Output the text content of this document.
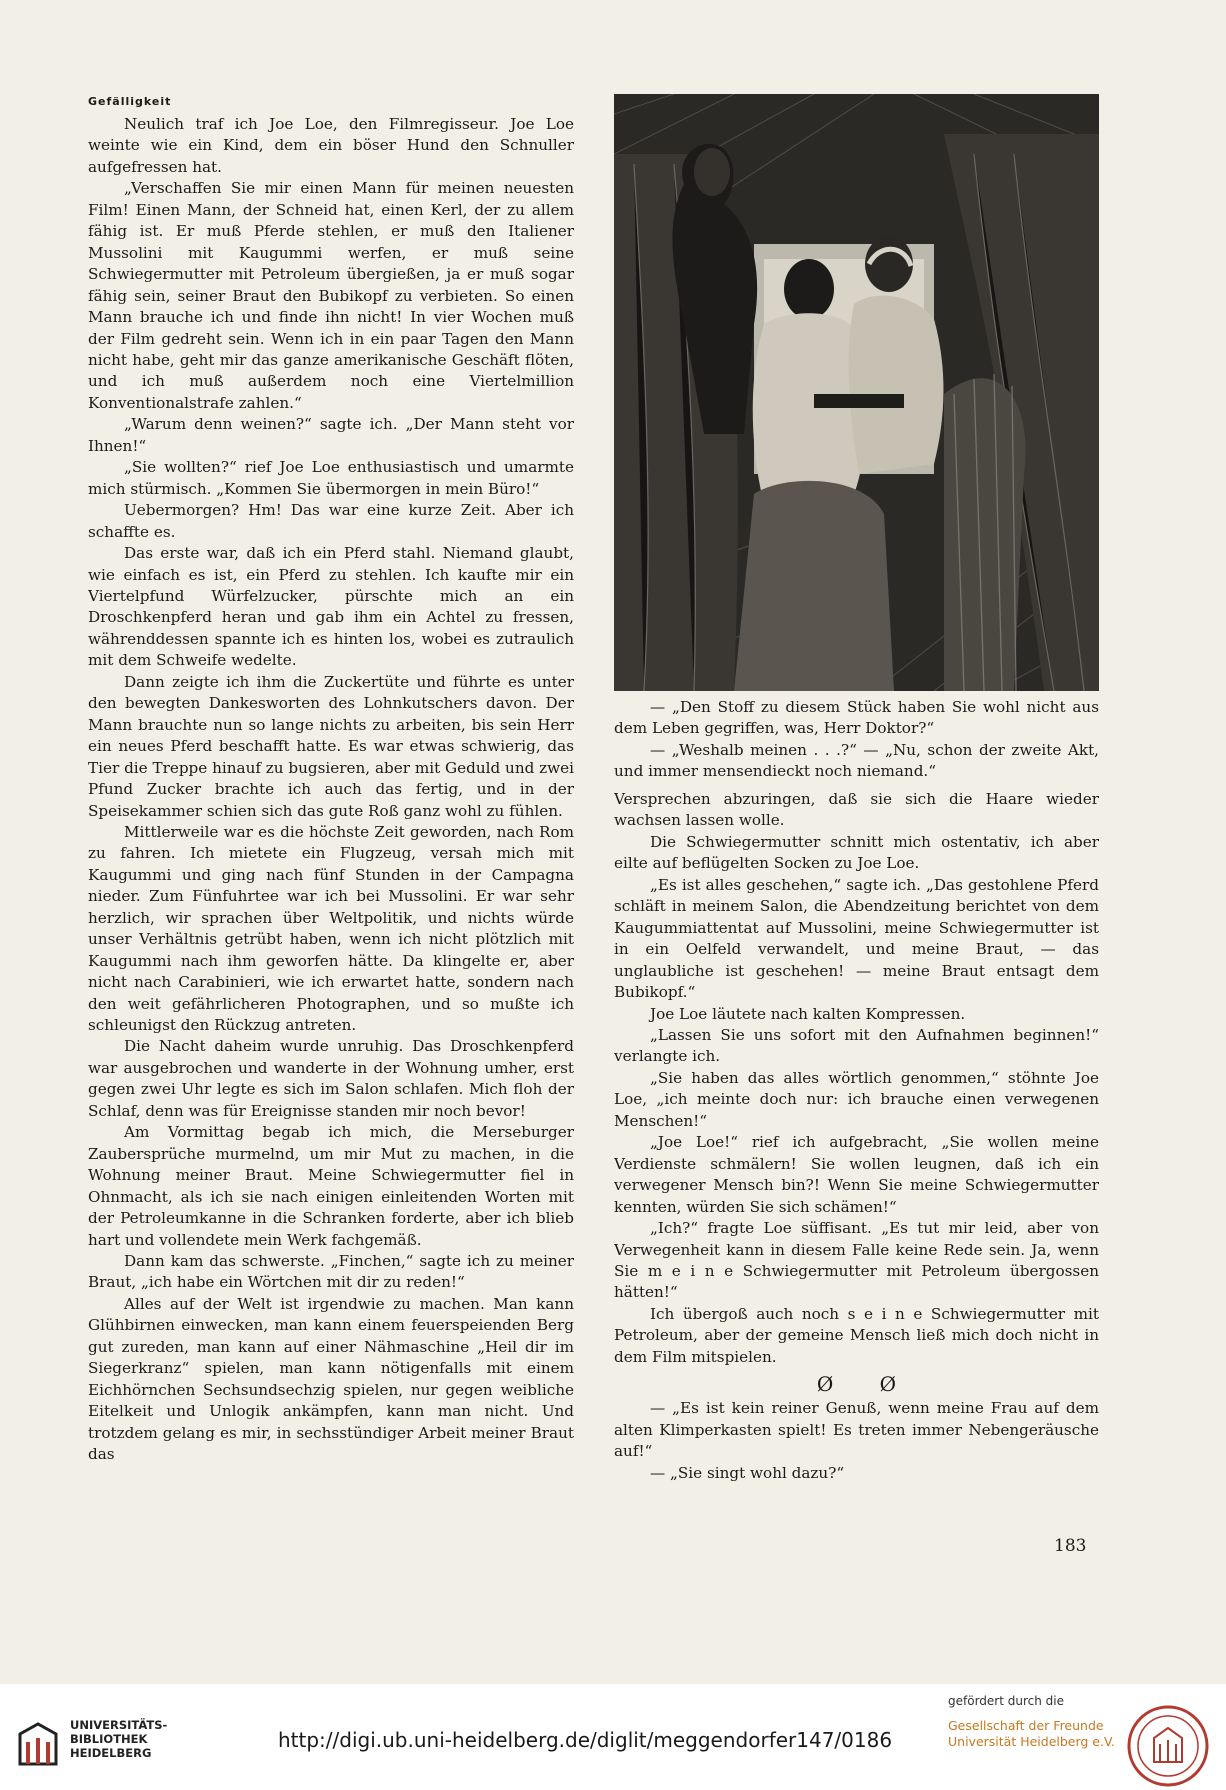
Gefälligkeit

Neulich traf ich Joe Loe, den Filmregisseur. Joe Loe weinte wie ein Kind, dem ein böser Hund den Schnuller aufgefressen hat.

„Verschaffen Sie mir einen Mann für meinen neuesten Film! Einen Mann, der Schneid hat, einen Kerl, der zu allem fähig ist. Er muß Pferde stehlen, er muß den Italiener Mussolini mit Kaugummi werfen, er muß seine Schwiegermutter mit Petroleum übergießen, ja er muß sogar fähig sein, seiner Braut den Bubikopf zu verbieten. So einen Mann brauche ich und finde ihn nicht! In vier Wochen muß der Film gedreht sein. Wenn ich in ein paar Tagen den Mann nicht habe, geht mir das ganze amerikanische Geschäft flöten, und ich muß außerdem noch eine Viertelmillion Konventionalstrafe zahlen.“

„Warum denn weinen?“ sagte ich. „Der Mann steht vor Ihnen!“

„Sie wollten?“ rief Joe Loe enthusiastisch und umarmte mich stürmisch. „Kommen Sie übermorgen in mein Büro!“

Uebermorgen? Hm! Das war eine kurze Zeit. Aber ich schaffte es.

Das erste war, daß ich ein Pferd stahl. Niemand glaubt, wie einfach es ist, ein Pferd zu stehlen. Ich kaufte mir ein Viertelpfund Würfelzucker, pürschte mich an ein Droschkenpferd heran und gab ihm ein Achtel zu fressen, währenddessen spannte ich es hinten los, wobei es zutraulich mit dem Schweife wedelte.

Dann zeigte ich ihm die Zuckertüte und führte es unter den bewegten Dankesworten des Lohnkutschers davon. Der Mann brauchte nun so lange nichts zu arbeiten, bis sein Herr ein neues Pferd beschafft hatte. Es war etwas schwierig, das Tier die Treppe hinauf zu bugsieren, aber mit Geduld und zwei Pfund Zucker brachte ich auch das fertig, und in der Speisekammer schien sich das gute Roß ganz wohl zu fühlen.

Mittlerweile war es die höchste Zeit geworden, nach Rom zu fahren. Ich mietete ein Flugzeug, versah mich mit Kaugummi und ging nach fünf Stunden in der Campagna nieder. Zum Fünfuhrtee war ich bei Mussolini. Er war sehr herzlich, wir sprachen über Weltpolitik, und nichts würde unser Verhältnis getrübt haben, wenn ich nicht plötzlich mit Kaugummi nach ihm geworfen hätte. Da klingelte er, aber nicht nach Carabinieri, wie ich erwartet hatte, sondern nach den weit gefährlicheren Photographen, und so mußte ich schleunigst den Rückzug antreten.

Die Nacht daheim wurde unruhig. Das Droschkenpferd war ausgebrochen und wanderte in der Wohnung umher, erst gegen zwei Uhr legte es sich im Salon schlafen. Mich floh der Schlaf, denn was für Ereignisse standen mir noch bevor!

Am Vormittag begab ich mich, die Merseburger Zaubersprüche murmelnd, um mir Mut zu machen, in die Wohnung meiner Braut. Meine Schwiegermutter fiel in Ohnmacht, als ich sie nach einigen einleitenden Worten mit der Petroleumkanne in die Schranken forderte, aber ich blieb hart und vollendete mein Werk fachgemäß.

Dann kam das schwerste. „Finchen,“ sagte ich zu meiner Braut, „ich habe ein Wörtchen mit dir zu reden!“

Alles auf der Welt ist irgendwie zu machen. Man kann Glühbirnen einwecken, man kann einem feuerspeienden Berg gut zureden, man kann auf einer Nähmaschine „Heil dir im Siegerkranz“ spielen, man kann nötigenfalls mit einem Eichhörnchen Sechsundsechzig spielen, nur gegen weibliche Eitelkeit und Unlogik ankämpfen, kann man nicht. Und trotzdem gelang es mir, in sechsstündiger Arbeit meiner Braut das

— „Den Stoff zu diesem Stück haben Sie wohl nicht aus dem Leben gegriffen, was, Herr Doktor?“

— „Weshalb meinen . . .?“ — „Nu, schon der zweite Akt, und immer mensendieckt noch niemand.“

Versprechen abzuringen, daß sie sich die Haare wieder wachsen lassen wolle.

Die Schwiegermutter schnitt mich ostentativ, ich aber eilte auf beflügelten Socken zu Joe Loe.

„Es ist alles geschehen,“ sagte ich. „Das gestohlene Pferd schläft in meinem Salon, die Abendzeitung berichtet von dem Kaugummiattentat auf Mussolini, meine Schwiegermutter ist in ein Oelfeld verwandelt, und meine Braut, — das unglaubliche ist geschehen! — meine Braut entsagt dem Bubikopf.“

Joe Loe läutete nach kalten Kompressen.

„Lassen Sie uns sofort mit den Aufnahmen beginnen!“ verlangte ich.

„Sie haben das alles wörtlich genommen,“ stöhnte Joe Loe, „ich meinte doch nur: ich brauche einen verwegenen Menschen!“

„Joe Loe!“ rief ich aufgebracht, „Sie wollen meine Verdienste schmälern! Sie wollen leugnen, daß ich ein verwegener Mensch bin?! Wenn Sie meine Schwiegermutter kennten, würden Sie sich schämen!“

„Ich?“ fragte Loe süffisant. „Es tut mir leid, aber von Verwegenheit kann in diesem Falle keine Rede sein. Ja, wenn Sie m e i n e Schwiegermutter mit Petroleum übergossen hätten!“

Ich übergoß auch noch s e i n e Schwiegermutter mit Petroleum, aber der gemeine Mensch ließ mich doch nicht in dem Film mitspielen.

Ø Ø

— „Es ist kein reiner Genuß, wenn meine Frau auf dem alten Klimperkasten spielt! Es treten immer Nebengeräusche auf!“

— „Sie singt wohl dazu?“

183
UNIVERSITÄTS-
BIBLIOTHEK
HEIDELBERG
http://digi.ub.uni-heidelberg.de/diglit/meggendorfer147/0186
gefördert durch die
Gesellschaft der Freunde
Universität Heidelberg e.V.
